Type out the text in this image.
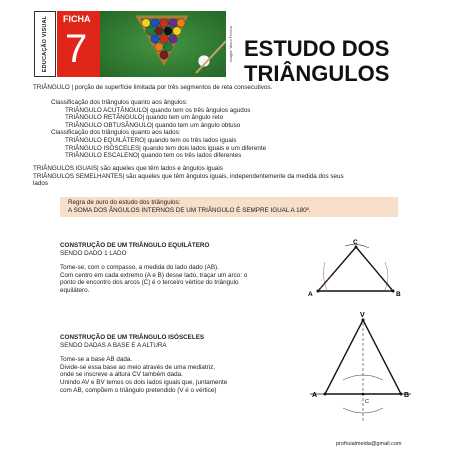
EDUCAÇÃO VISUAL FICHA
7	Images: Vasco Ferreira ESTUDO DOS
TRIÂNGULOS
TRIÂNGULO | porção de superfície limitada por três segmentos de reta consecutivos.
Classificação dos triângulos quanto aos ângulos:
TRIÂNGULO ACUTÂNGULO| quando tem os três ângulos agudos
TRIÂNGULO RETÂNGULO| quando tem um ângulo reto
TRIÂNGULO OBTUSÂNGULO| quando tem um ângulo obtuso
Classificação dos triângulos quanto aos lados:
TRIÂNGULO EQUILÁTERO| quando tem os três lados iguais
TRIÂNGULO ISÓSCELES| quando tem dois lados iguais e um diferente
TRIÂNGULO ESCALENO| quando tem os três lados diferentes
TRIÂNGULOS IGUAIS| são aqueles que têm lados e ângulos iguais
TRIÂNGULOS SEMELHANTES| são aqueles que têm ângulos iguais, independentemente da medida dos seus
lados
Regra de ouro do estudo dos triângulos:
A SOMA DOS ÂNGULOS INTERNOS DE UM TRIÂNGULO É SEMPRE IGUAL A 180º.
CONSTRUÇÃO DE UM TRIÂNGULO EQUILÁTERO
SENDO DADO 1 LADO
Tome-se, com o compasso, a medida do lado dado (AB).
Com centro em cada extremo (A e B) desse lado, traçar um arco: o
ponto de encontro dos arcos (C) é o terceiro vértice do triângulo
equilátero.
A	B
C
CONSTRUÇÃO DE UM TRIÂNGULO ISÓSCELES
SENDO DADAS A BASE E A ALTURA
Tome-se a base AB dada.
Divide-se essa base ao meio através de uma mediatriz,
onde se inscreve a altura CV também dada.
Unindo AV e BV temos os dois lados iguais que, juntamente
com AB, compõem o triângulo pretendido (V é o vértice)
A	B
C
V
profruialmeida@gmail.com
